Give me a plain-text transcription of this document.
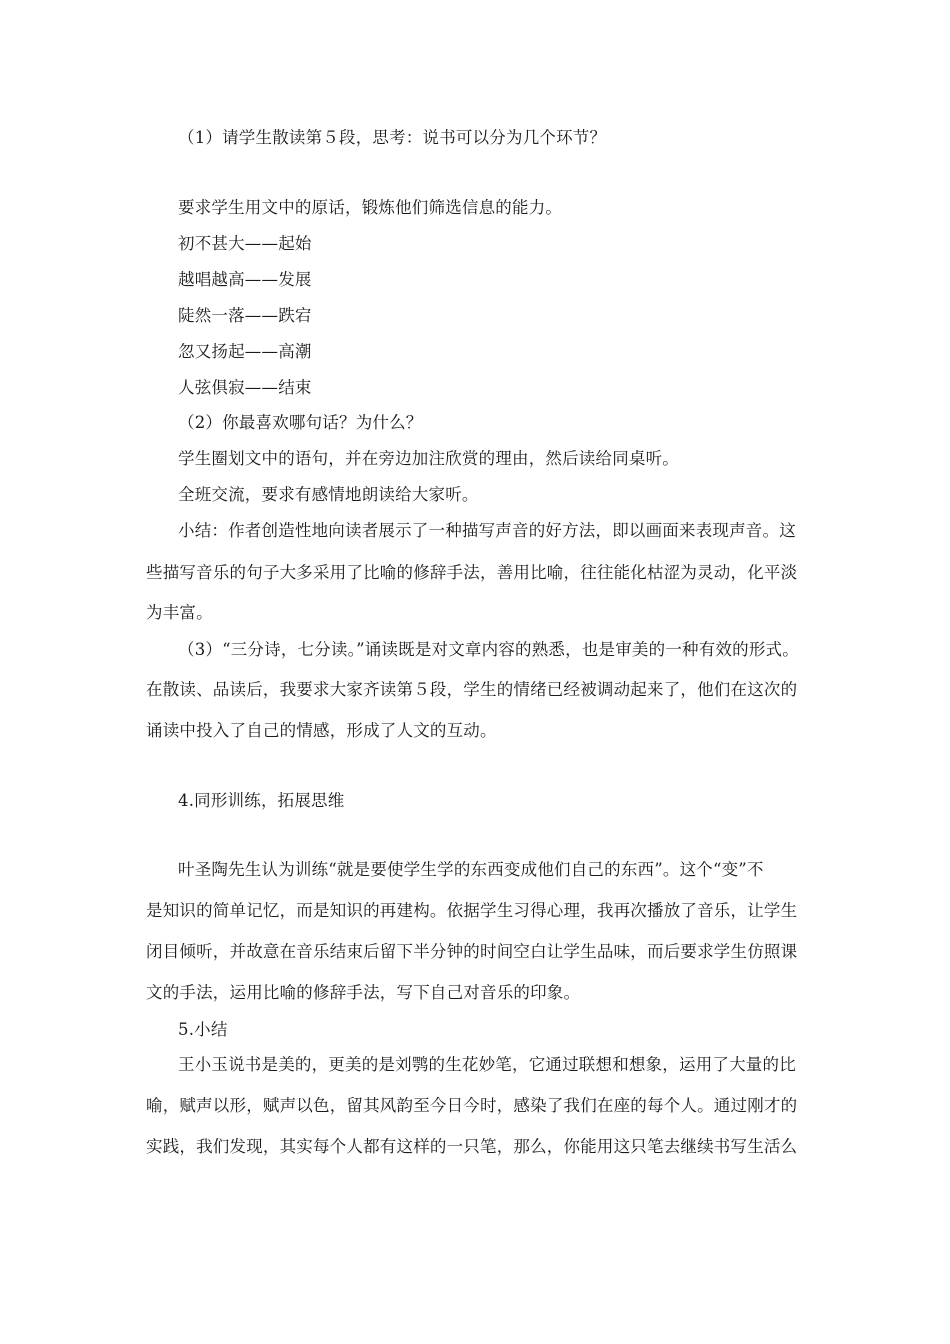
（1）请学生散读第５段，思考：说书可以分为几个环节？
要求学生用文中的原话，锻炼他们筛选信息的能力。
初不甚大——起始
越唱越高——发展
陡然一落——跌宕
忽又扬起——高潮
人弦俱寂——结束
（2）你最喜欢哪句话？为什么？
学生圈划文中的语句，并在旁边加注欣赏的理由，然后读给同桌听。
全班交流，要求有感情地朗读给大家听。
小结：作者创造性地向读者展示了一种描写声音的好方法，即以画面来表现声音。这
些描写音乐的句子大多采用了比喻的修辞手法，善用比喻，往往能化枯涩为灵动，化平淡
为丰富。
（3）“三分诗，七分读。”诵读既是对文章内容的熟悉，也是审美的一种有效的形式。
在散读、品读后，我要求大家齐读第５段，学生的情绪已经被调动起来了，他们在这次的
诵读中投入了自己的情感，形成了人文的互动。
4.同形训练，拓展思维
叶圣陶先生认为训练“就是要使学生学的东西变成他们自己的东西”。这个“变”不
是知识的简单记忆，而是知识的再建构。依据学生习得心理，我再次播放了音乐，让学生
闭目倾听，并故意在音乐结束后留下半分钟的时间空白让学生品味，而后要求学生仿照课
文的手法，运用比喻的修辞手法，写下自己对音乐的印象。
5.小结
王小玉说书是美的，更美的是刘鹗的生花妙笔，它通过联想和想象，运用了大量的比
喻，赋声以形，赋声以色，留其风韵至今日今时，感染了我们在座的每个人。通过刚才的
实践，我们发现，其实每个人都有这样的一只笔，那么，你能用这只笔去继续书写生活么
